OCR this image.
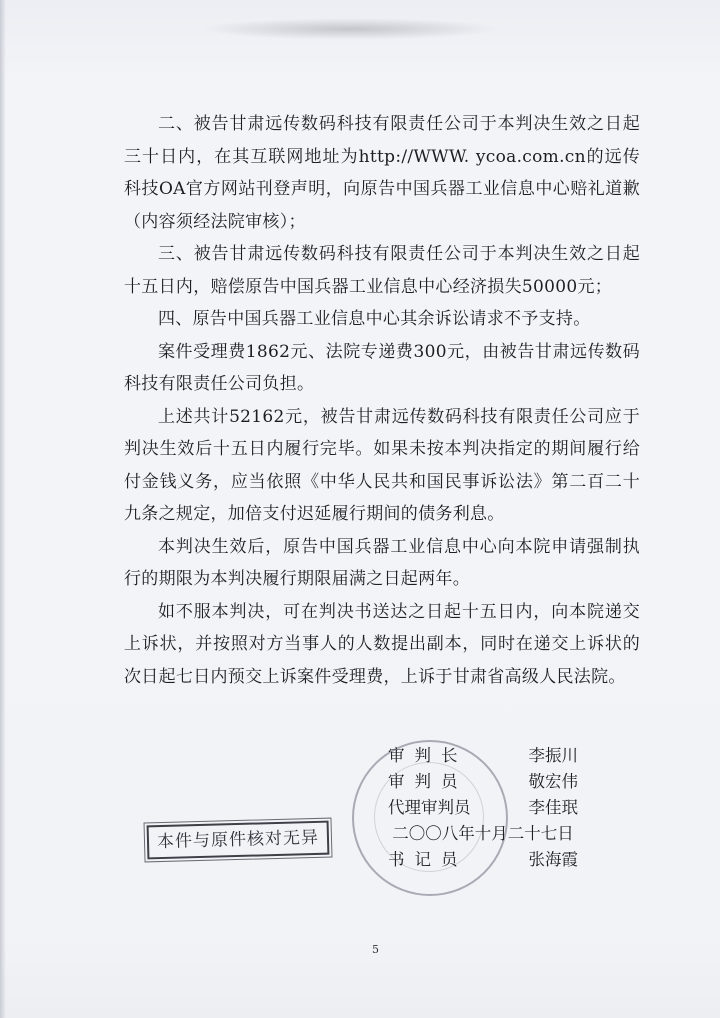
二、被告甘肃远传数码科技有限责任公司于本判决生效之日起三十日内，在其互联网地址为http://WWW. ycoa.com.cn的远传科技OA官方网站刊登声明，向原告中国兵器工业信息中心赔礼道歉（内容须经法院审核）；

三、被告甘肃远传数码科技有限责任公司于本判决生效之日起十五日内，赔偿原告中国兵器工业信息中心经济损失50000元；

四、原告中国兵器工业信息中心其余诉讼请求不予支持。

案件受理费1862元、法院专递费300元，由被告甘肃远传数码科技有限责任公司负担。

上述共计52162元，被告甘肃远传数码科技有限责任公司应于判决生效后十五日内履行完毕。如果未按本判决指定的期间履行给付金钱义务，应当依照《中华人民共和国民事诉讼法》第二百二十九条之规定，加倍支付迟延履行期间的债务利息。

本判决生效后，原告中国兵器工业信息中心向本院申请强制执行的期限为本判决履行期限届满之日起两年。

如不服本判决，可在判决书送达之日起十五日内，向本院递交上诉状，并按照对方当事人的人数提出副本，同时在递交上诉状的次日起七日内预交上诉案件受理费，上诉于甘肃省高级人民法院。

审判长	李振川
审判员	敬宏伟
代理审判员	李佳珉
二〇〇八年十月二十七日
书记员	张海霞
本件与原件核对无异
5
